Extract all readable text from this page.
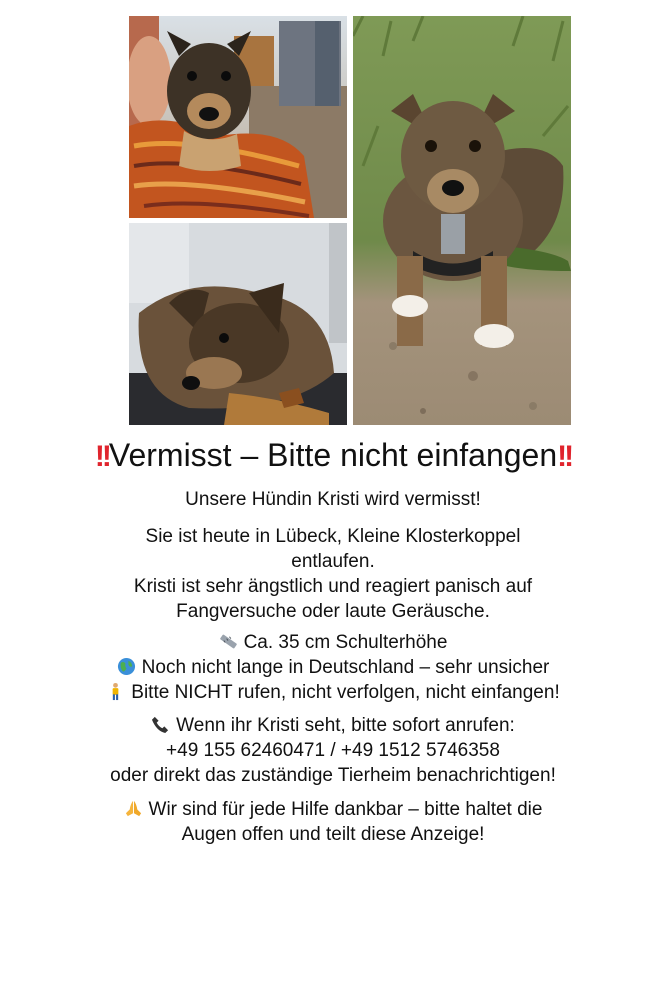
!!Vermisst – Bitte nicht einfangen!!
Unsere Hündin Kristi wird vermisst!
Sie ist heute in Lübeck, Kleine Klosterkoppel
entlaufen.
Kristi ist sehr ängstlich und reagiert panisch auf
Fangversuche oder laute Geräusche.
Ca. 35 cm Schulterhöhe
Noch nicht lange in Deutschland – sehr unsicher
Bitte NICHT rufen, nicht verfolgen, nicht einfangen!
Wenn ihr Kristi seht, bitte sofort anrufen:
+49 155 62460471 / +49 1512 5746358
oder direkt das zuständige Tierheim benachrichtigen!
Wir sind für jede Hilfe dankbar – bitte haltet die
Augen offen und teilt diese Anzeige!
